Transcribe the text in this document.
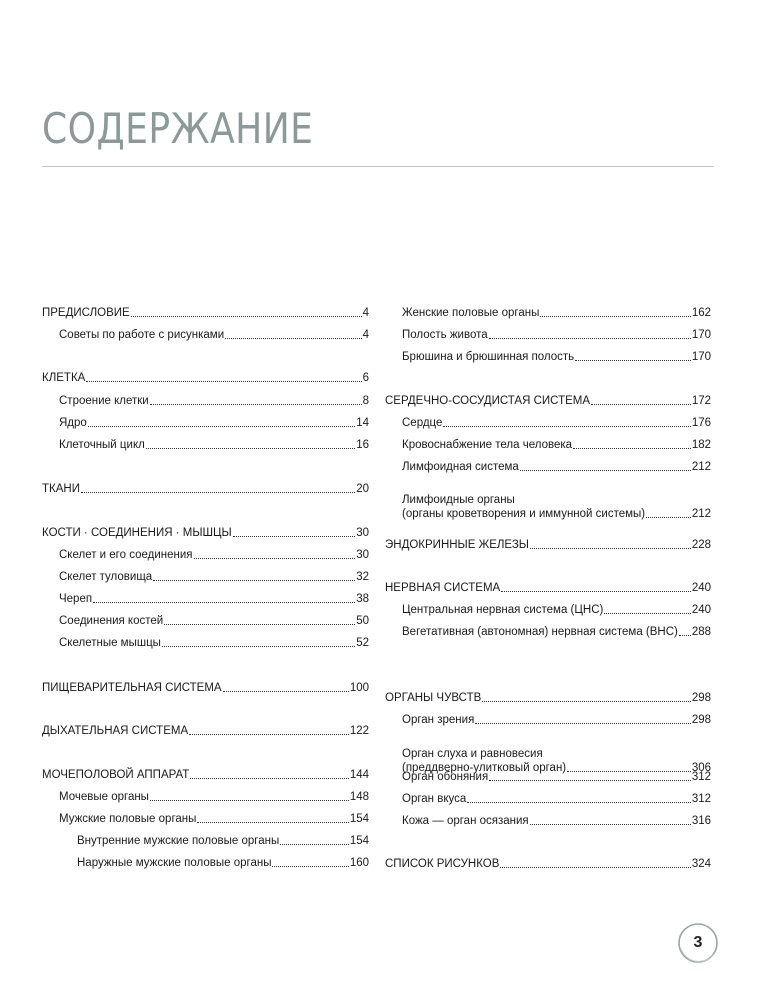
СОДЕРЖАНИЕ
ПРЕДИСЛОВИЕ	4
Советы по работе с рисунками	4
КЛЕТКА	6
Строение клетки	8
Ядро	14
Клеточный цикл	16
ТКАНИ	20
КОСТИ · СОЕДИНЕНИЯ · МЫШЦЫ	30
Скелет и его соединения	30
Скелет туловища	32
Череп	38
Соединения костей	50
Скелетные мышцы	52
ПИЩЕВАРИТЕЛЬНАЯ СИСТЕМА	100
ДЫХАТЕЛЬНАЯ СИСТЕМА	122
МОЧЕПОЛОВОЙ АППАРАТ	144
Мочевые органы	148
Мужские половые органы	154
Внутренние мужские половые органы	154
Наружные мужские половые органы	160
Женские половые органы	162
Полость живота	170
Брюшина и брюшинная полость	170
СЕРДЕЧНО-СОСУДИСТАЯ СИСТЕМА	172
Сердце	176
Кровоснабжение тела человека	182
Лимфоидная система	212
Лимфоидные органы
(органы кроветворения и иммунной системы)	212
ЭНДОКРИННЫЕ ЖЕЛЕЗЫ	228
НЕРВНАЯ СИСТЕМА	240
Центральная нервная система (ЦНС)	240
Вегетативная (автономная) нервная система (ВНС) 288
ОРГАНЫ ЧУВСТВ	298
Орган зрения	298
Орган слуха и равновесия
(преддверно-улитковый орган)	306
Орган обоняния	312
Орган вкуса	312
Кожа — орган осязания	316
СПИСОК РИСУНКОВ	324
3
